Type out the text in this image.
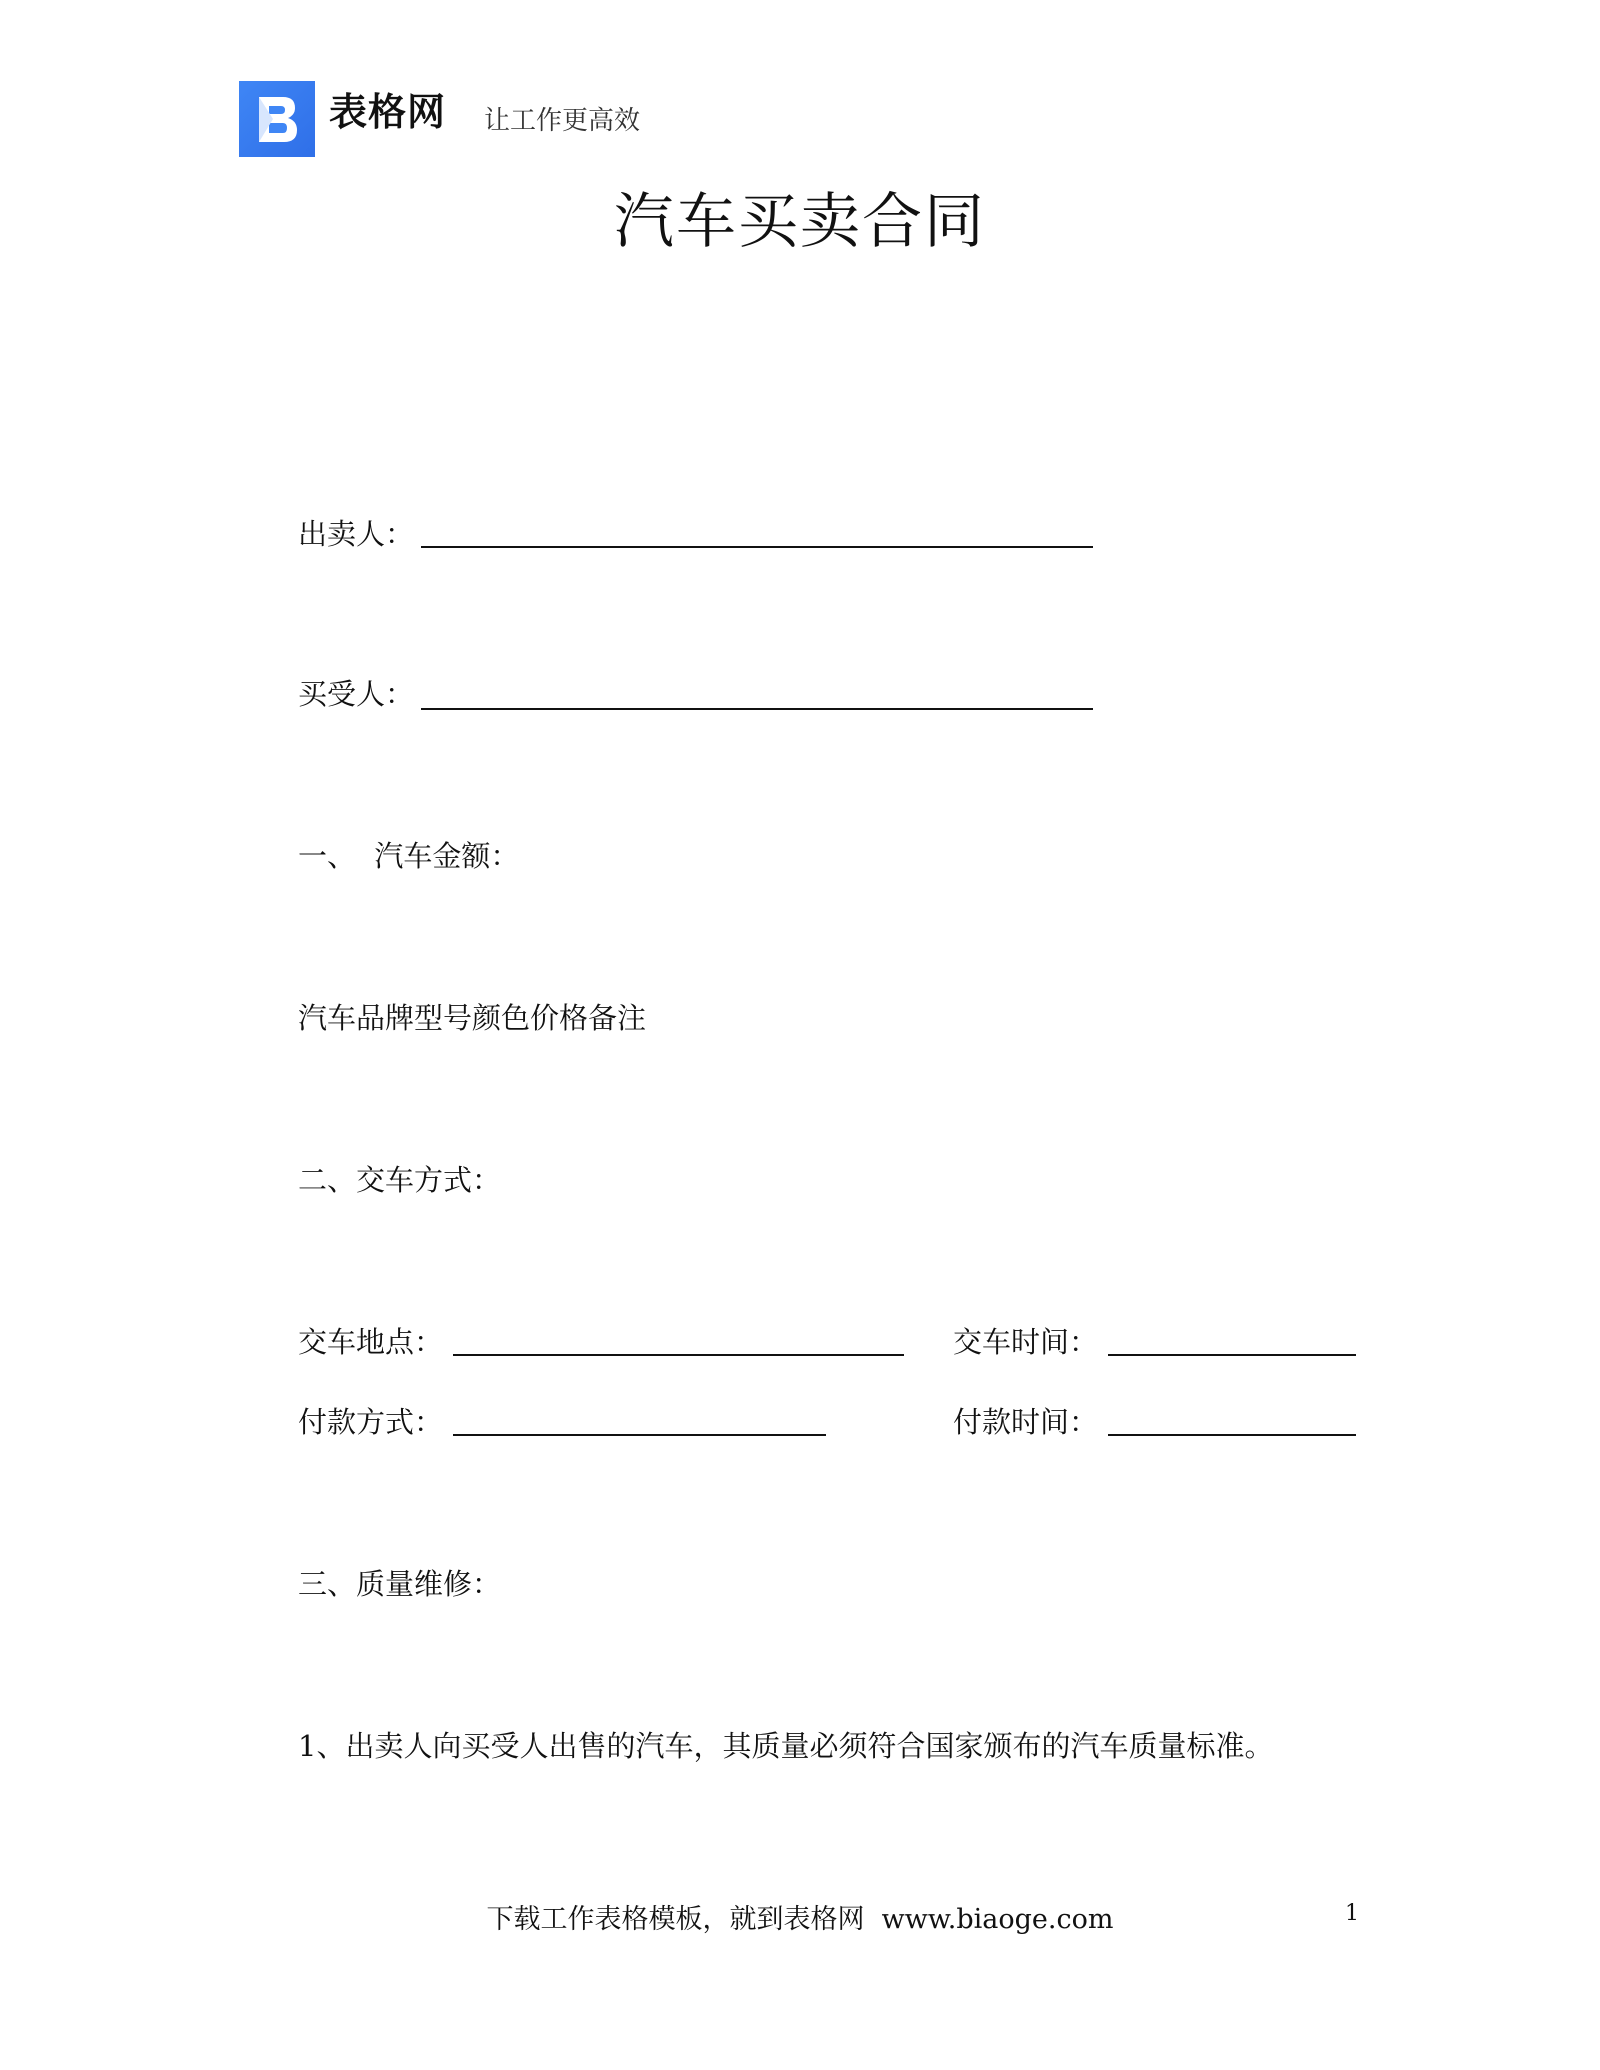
表格网 让工作更高效
汽车买卖合同
出卖人：
买受人：
一、  汽车金额：
汽车品牌型号颜色价格备注
二、交车方式：
交车地点：	交车时间：
付款方式：	付款时间：
三、质量维修：
1、出卖人向买受人出售的汽车，其质量必须符合国家颁布的汽车质量标准。
下载工作表格模板，就到表格网  www.biaoge.com	1
